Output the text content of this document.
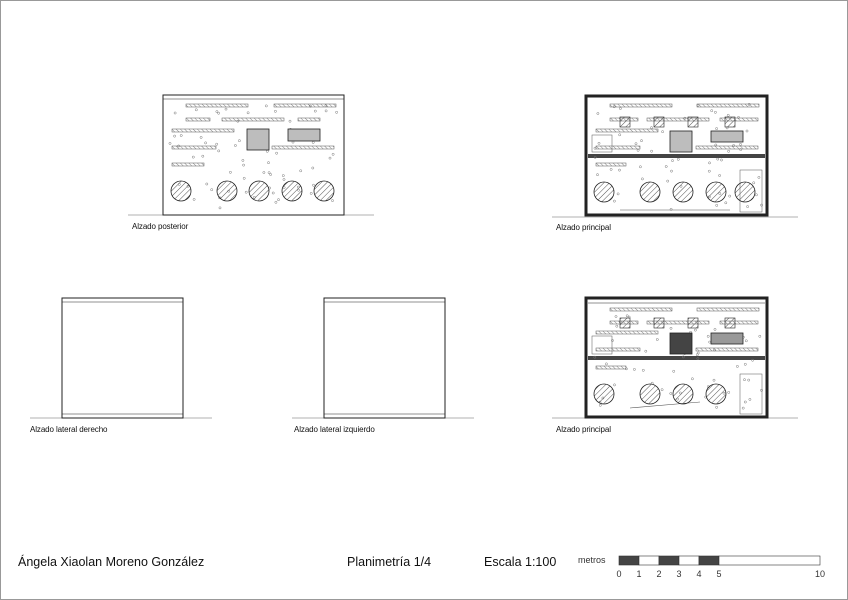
Alzado posterior	Alzado principal
Alzado lateral derecho	Alzado lateral izquierdo	Alzado principal
Ángela Xiaolan Moreno González	Planimetría 1/4	Escala 1:100 metros
0 1 2 3 4 5	10
